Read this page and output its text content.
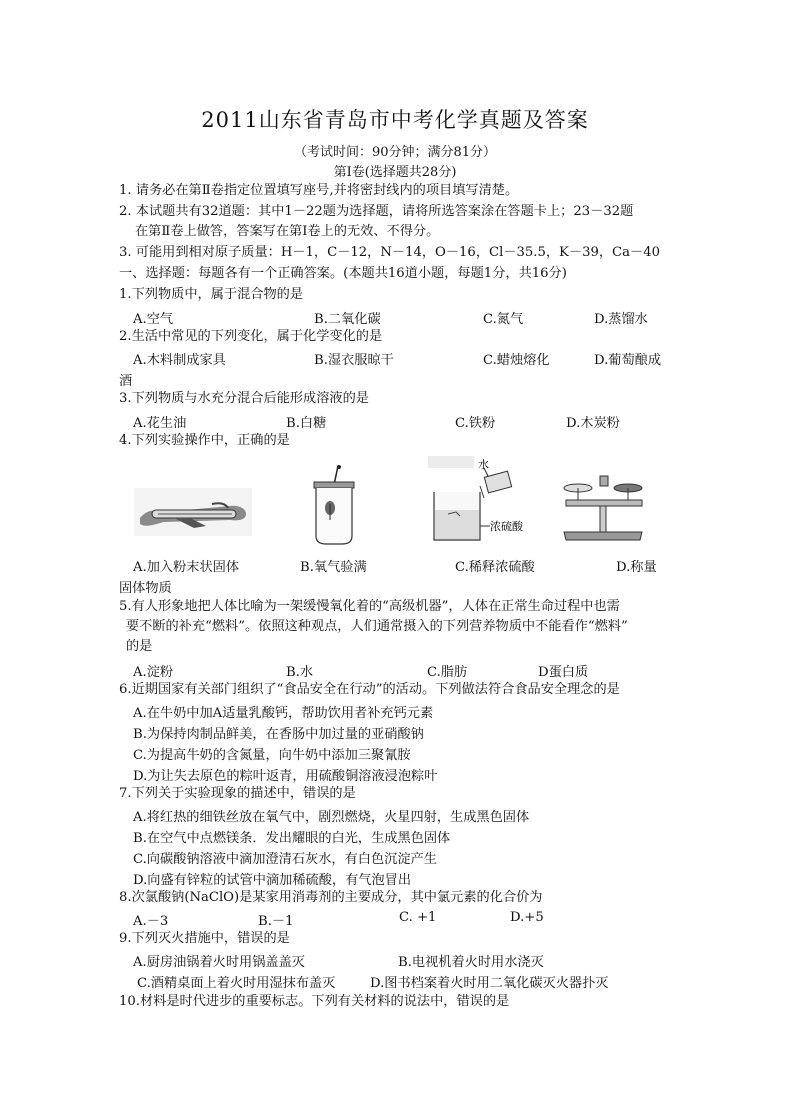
2011山东省青岛市中考化学真题及答案
（考试时间：90分钟；满分81分）
第Ⅰ卷(选择题共28分)
1. 请务必在第Ⅱ卷指定位置填写座号,并将密封线内的项目填写清楚。
2. 本试题共有32道题：其中1－22题为选择题，请将所选答案涂在答题卡上；23－32题
在第Ⅱ卷上做答，答案写在第Ⅰ卷上的无效、不得分。
3. 可能用到相对原子质量：H－1，C－12，N－14，O－16，Cl－35.5，K－39，Ca－40
一、选择题：每题各有一个正确答案。(本题共16道小题，每题1分，共16分)
1.下列物质中，属于混合物的是
A.空气	B.二氧化碳	C.氮气	D.蒸馏水
2.生活中常见的下列变化，属于化学变化的是
A.木料制成家具	B.湿衣服晾干	C.蜡烛熔化	D.葡萄酿成
酒
3.下列物质与水充分混合后能形成溶液的是
A.花生油	B.白糖	C.铁粉	D.木炭粉
4.下列实验操作中，正确的是
水
浓硫酸
A.加入粉末状固体	B.氧气验满	C.稀释浓硫酸	D.称量
固体物质
5.有人形象地把人体比喻为一架缓慢氧化着的“高级机器”，人体在正常生命过程中也需
要不断的补充“燃料”。依照这种观点，人们通常摄入的下列营养物质中不能看作“燃料”
的是
A.淀粉	B.水	C.脂肪	D蛋白质
6.近期国家有关部门组织了“食品安全在行动”的活动。下列做法符合食品安全理念的是
A.在牛奶中加A适量乳酸钙，帮助饮用者补充钙元素
B.为保持肉制品鲜美，在香肠中加过量的亚硝酸钠
C.为提高牛奶的含氮量，向牛奶中添加三聚氰胺
D.为让失去原色的粽叶返青，用硫酸铜溶液浸泡粽叶
7.下列关于实验现象的描述中，错误的是
A.将红热的细铁丝放在氧气中，剧烈燃烧，火星四射，生成黑色固体
B.在空气中点燃镁条．发出耀眼的白光，生成黑色固体
C.向碳酸钠溶液中滴加澄清石灰水，有白色沉淀产生
D.向盛有锌粒的试管中滴加稀硫酸，有气泡冒出
8.次氯酸钠(NaClO)是某家用消毒剂的主要成分，其中氯元素的化合价为
A.－3	B.－1	C. +1	D.+5
9.下列灭火措施中，错误的是
A.厨房油锅着火时用锅盖盖灭	B.电视机着火时用水浇灭
C.酒精桌面上着火时用湿抹布盖灭	D.图书档案着火时用二氧化碳灭火器扑灭
10.材料是时代进步的重要标志。下列有关材料的说法中，错误的是
